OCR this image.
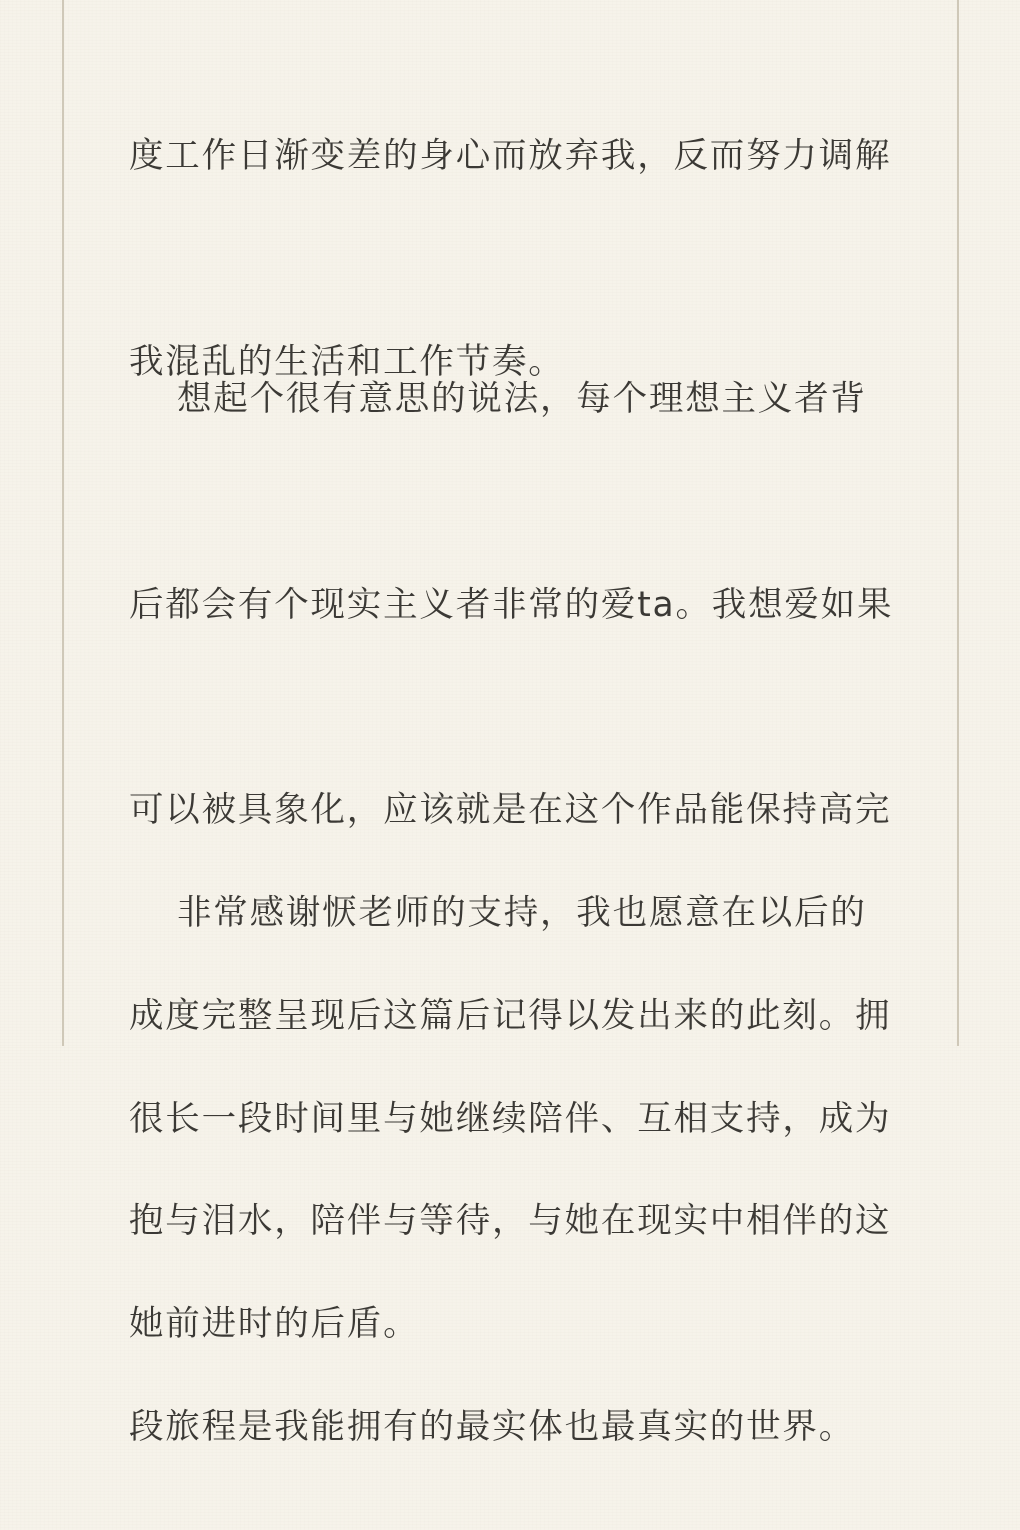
度工作日渐变差的身心而放弃我，反而努力调解

我混乱的生活和工作节奏。

想起个很有意思的说法，每个理想主义者背

后都会有个现实主义者非常的爱ta。我想爱如果

可以被具象化，应该就是在这个作品能保持高完

成度完整呈现后这篇后记得以发出来的此刻。拥

抱与泪水，陪伴与等待，与她在现实中相伴的这

段旅程是我能拥有的最实体也最真实的世界。

非常感谢恹老师的支持，我也愿意在以后的

很长一段时间里与她继续陪伴、互相支持，成为

她前进时的后盾。
